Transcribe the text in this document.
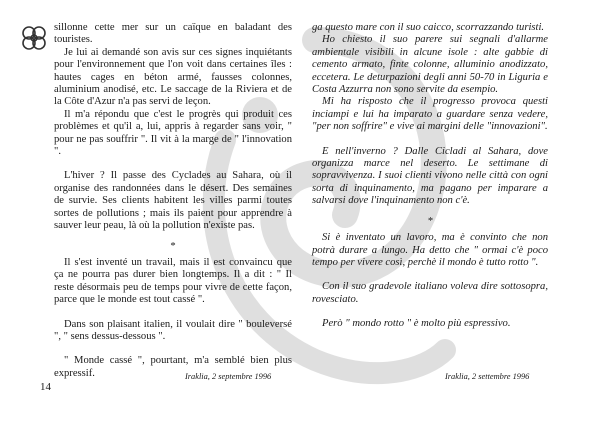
sillonne cette mer sur un caïque en baladant des touristes.

Je lui ai demandé son avis sur ces signes inquiétants pour l'environnement que l'on voit dans certaines îles : hautes cages en béton armé, fausses colonnes, aluminium anodisé, etc. Le saccage de la Riviera et de la Côte d'Azur n'a pas servi de leçon.

Il m'a répondu que c'est le progrès qui produit ces problèmes et qu'il a, lui, appris à regarder sans voir, " pour ne pas souffrir ". Il vit à la marge de " l'innovation ".

L'hiver ? Il passe des Cyclades au Sahara, où il organise des randonnées dans le désert. Des semaines de survie. Ses clients habitent les villes parmi toutes sortes de pollutions ; mais ils paient pour apprendre à sauver leur peau, là où la pollution n'existe pas.

*

Il s'est inventé un travail, mais il est convaincu que ça ne pourra pas durer bien longtemps. Il a dit : " Il reste désormais peu de temps pour vivre de cette façon, parce que le monde est tout cassé ".

Dans son plaisant italien, il voulait dire " bouleversé ", " sens dessus-dessous ".

" Monde cassé ", pourtant, m'a semblé bien plus expressif.

ga questo mare con il suo caicco, scorrazzando turisti.

Ho chiesto il suo parere sui segnali d'allarme ambientale visibili in alcune isole : alte gabbie di cemento armato, finte colonne, alluminio anodizzato, eccetera. Le deturpazioni degli anni 50-70 in Liguria e Costa Azzurra non sono servite da esempio.

Mi ha risposto che il progresso provoca questi inciampi e lui ha imparato a guardare senza vedere, "per non soffrire" e vive ai margini delle "innovazioni".

E nell'inverno ? Dalle Cicladi al Sahara, dove organizza marce nel deserto. Le settimane di sopravvivenza. I suoi clienti vivono nelle città con ogni sorta di inquinamento, ma pagano per imparare a salvarsi dove l'inquinamento non c'è.

*

Si è inventato un lavoro, ma è convinto che non potrà durare a lungo. Ha detto che " ormai c'è poco tempo per vivere così, perchè il mondo è tutto rotto ".

Con il suo gradevole italiano voleva dire sottosopra, rovesciato.

Però " mondo rotto " è molto più espressivo.

Iraklia, 2 septembre 1996	Iraklia, 2 settembre 1996
14
